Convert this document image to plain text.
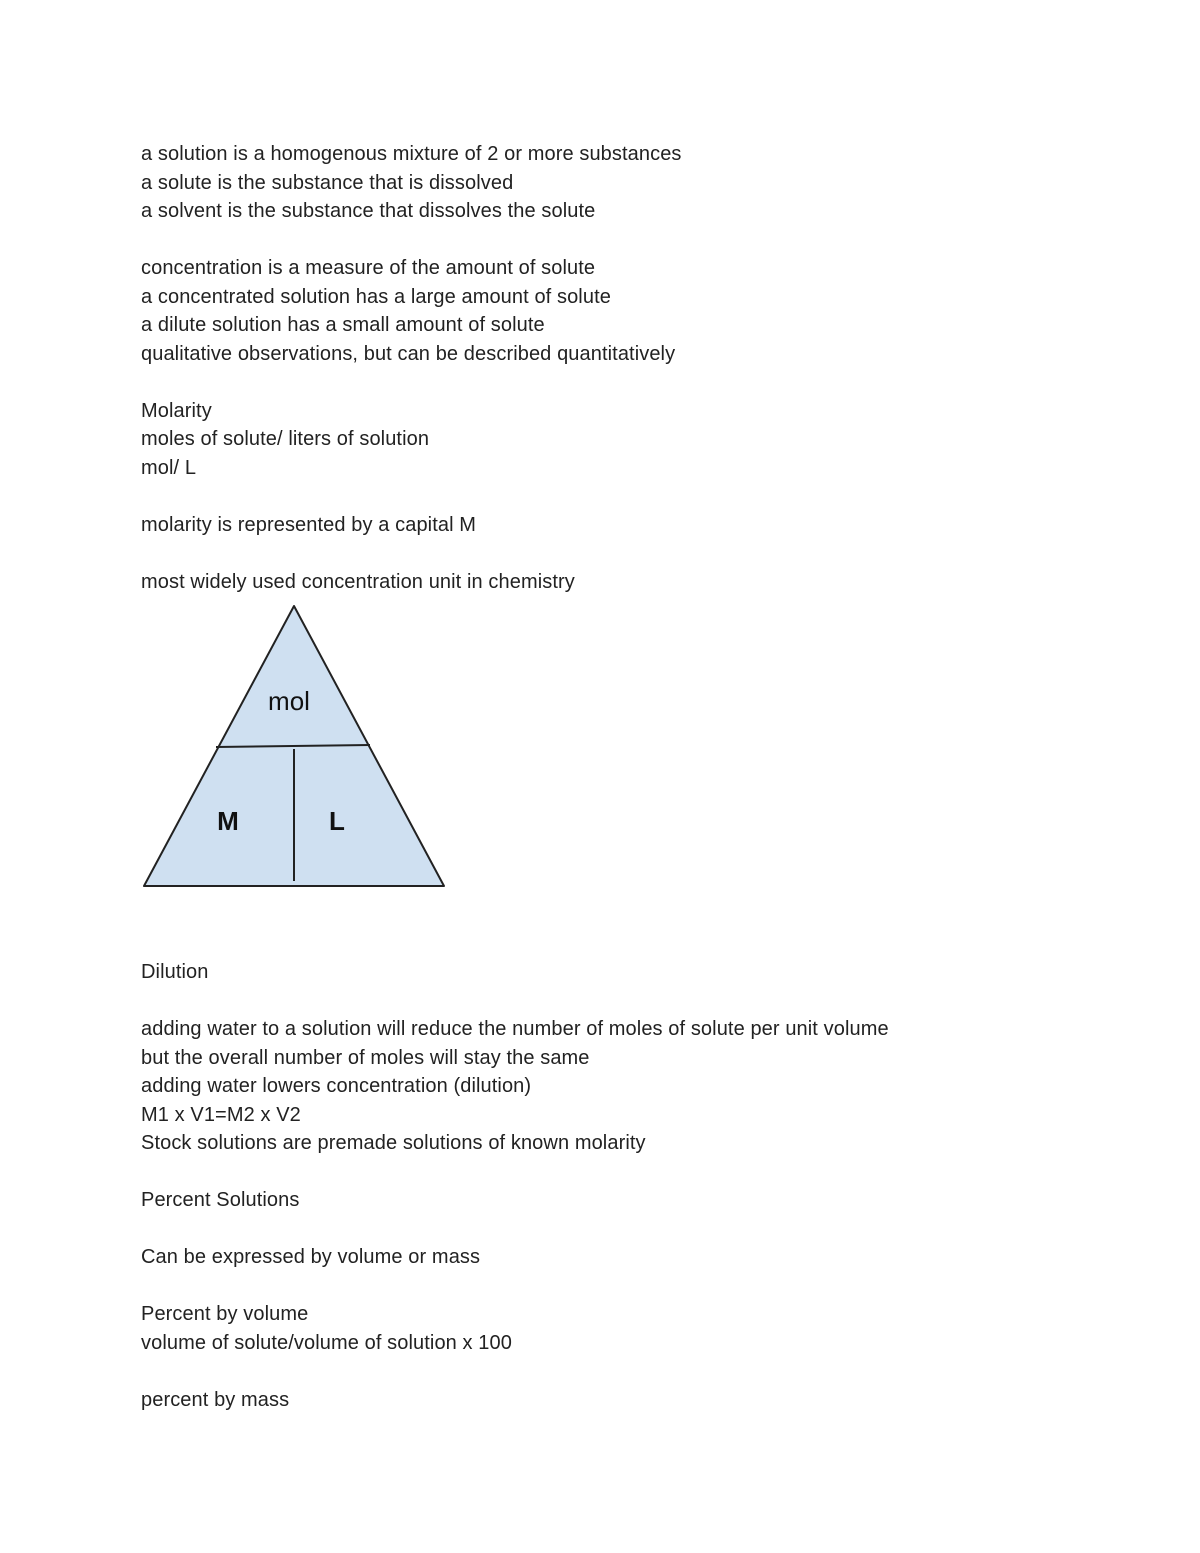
a solution is a homogenous mixture of 2 or more substances
a solute is the substance that is dissolved
a solvent is the substance that dissolves the solute
concentration is a measure of the amount of solute
a concentrated solution has a large amount of solute
a dilute solution has a small amount of solute
qualitative observations, but can be described quantitatively
Molarity
moles of solute/ liters of solution
mol/ L
molarity is represented by a capital M
most widely used concentration unit in chemistry
mol
M	L
Dilution
adding water to a solution will reduce the number of moles of solute per unit volume
but the overall number of moles will stay the same
adding water lowers concentration (dilution)
M1 x V1=M2 x V2
Stock solutions are premade solutions of known molarity
Percent Solutions
Can be expressed by volume or mass
Percent by volume
volume of solute/volume of solution x 100
percent by mass
